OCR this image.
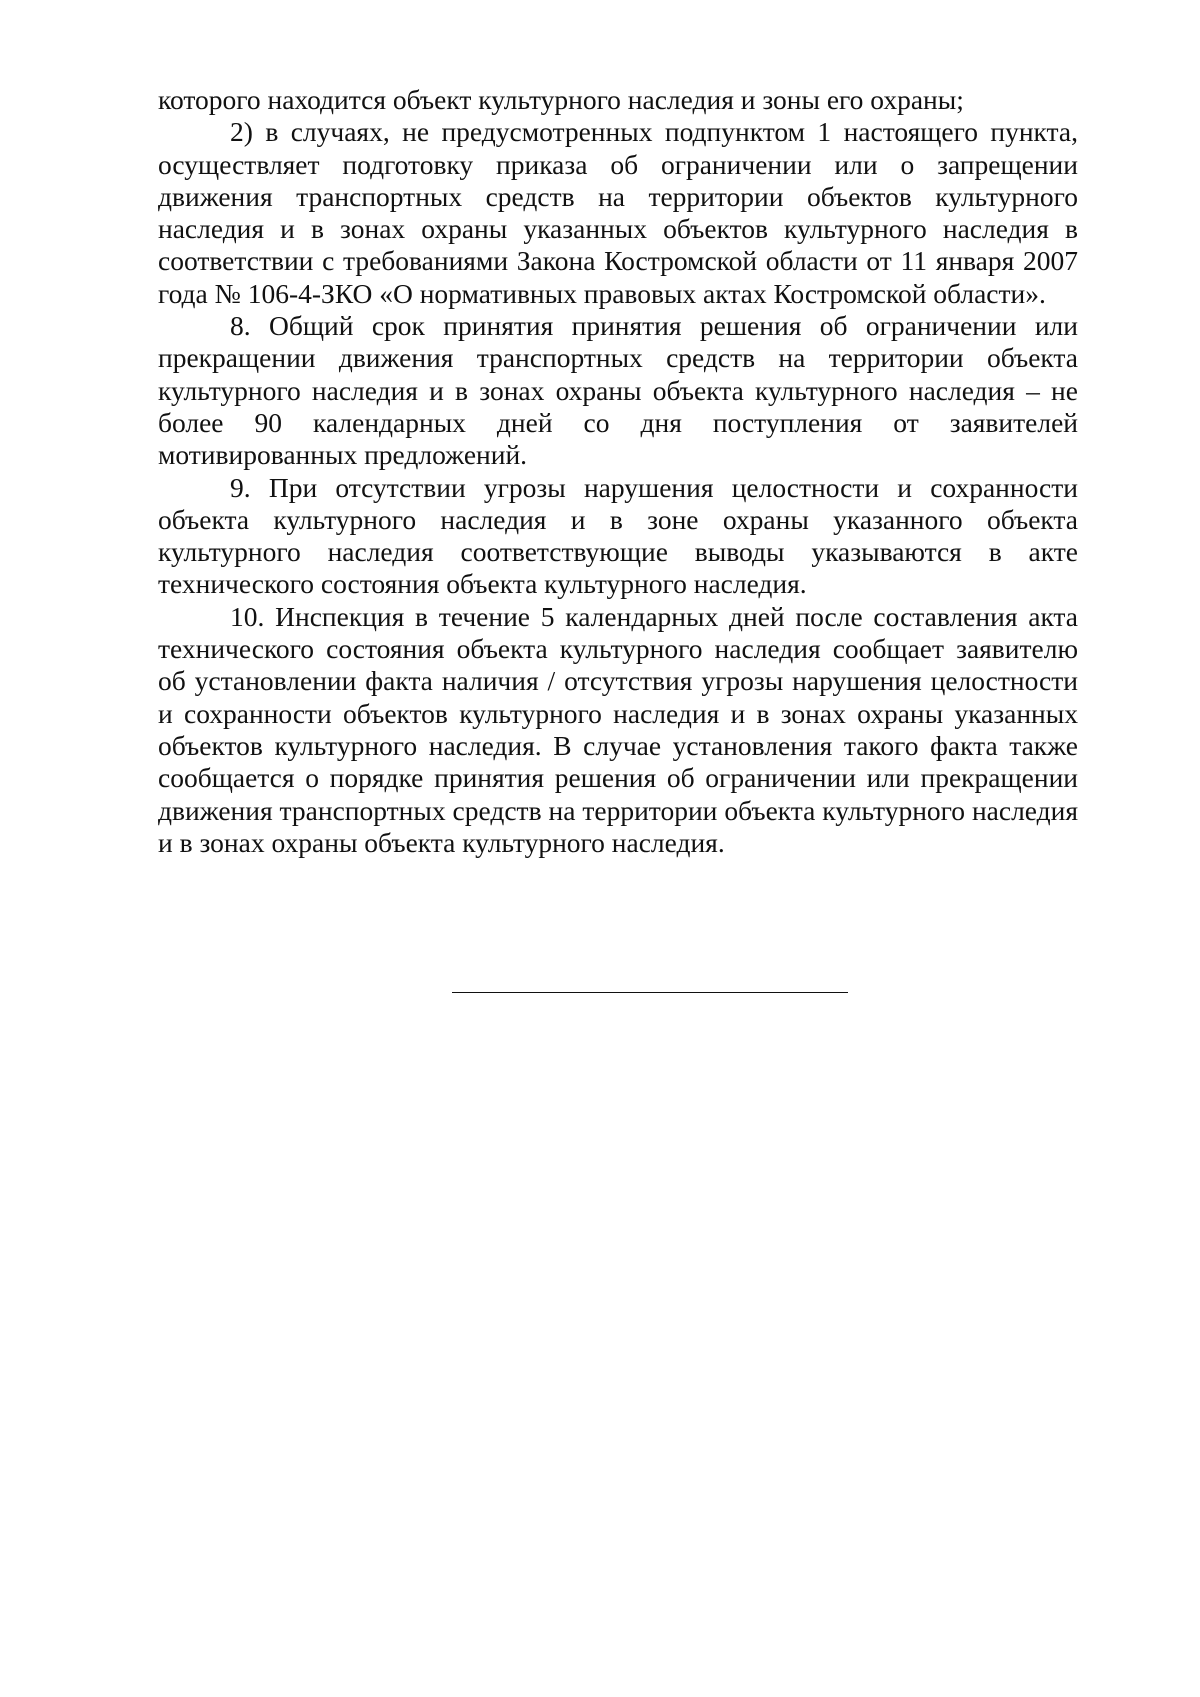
которого находится объект культурного наследия и зоны его охраны;

2) в случаях, не предусмотренных подпунктом 1 настоящего пункта, осуществляет подготовку приказа об ограничении или о запрещении движения транспортных средств на территории объектов культурного наследия и в зонах охраны указанных объектов культурного наследия в соответствии с требованиями Закона Костромской области от 11 января 2007 года № 106-4-ЗКО «О нормативных правовых актах Костромской области».

8. Общий срок принятия принятия решения об ограничении или прекращении движения транспортных средств на территории объекта культурного наследия и в зонах охраны объекта культурного наследия – не более 90 календарных дней со дня поступления от заявителей мотивированных предложений.

9. При отсутствии угрозы нарушения целостности и сохранности объекта культурного наследия и в зоне охраны указанного объекта культурного наследия соответствующие выводы указываются в акте технического состояния объекта культурного наследия.

10. Инспекция в течение 5 календарных дней после составления акта технического состояния объекта культурного наследия сообщает заявителю об установлении факта наличия / отсутствия угрозы нарушения целостности и сохранности объектов культурного наследия и в зонах охраны указанных объектов культурного наследия. В случае установления такого факта также сообщается о порядке принятия решения об ограничении или прекращении движения транспортных средств на территории объекта культурного наследия и в зонах охраны объекта культурного наследия.
